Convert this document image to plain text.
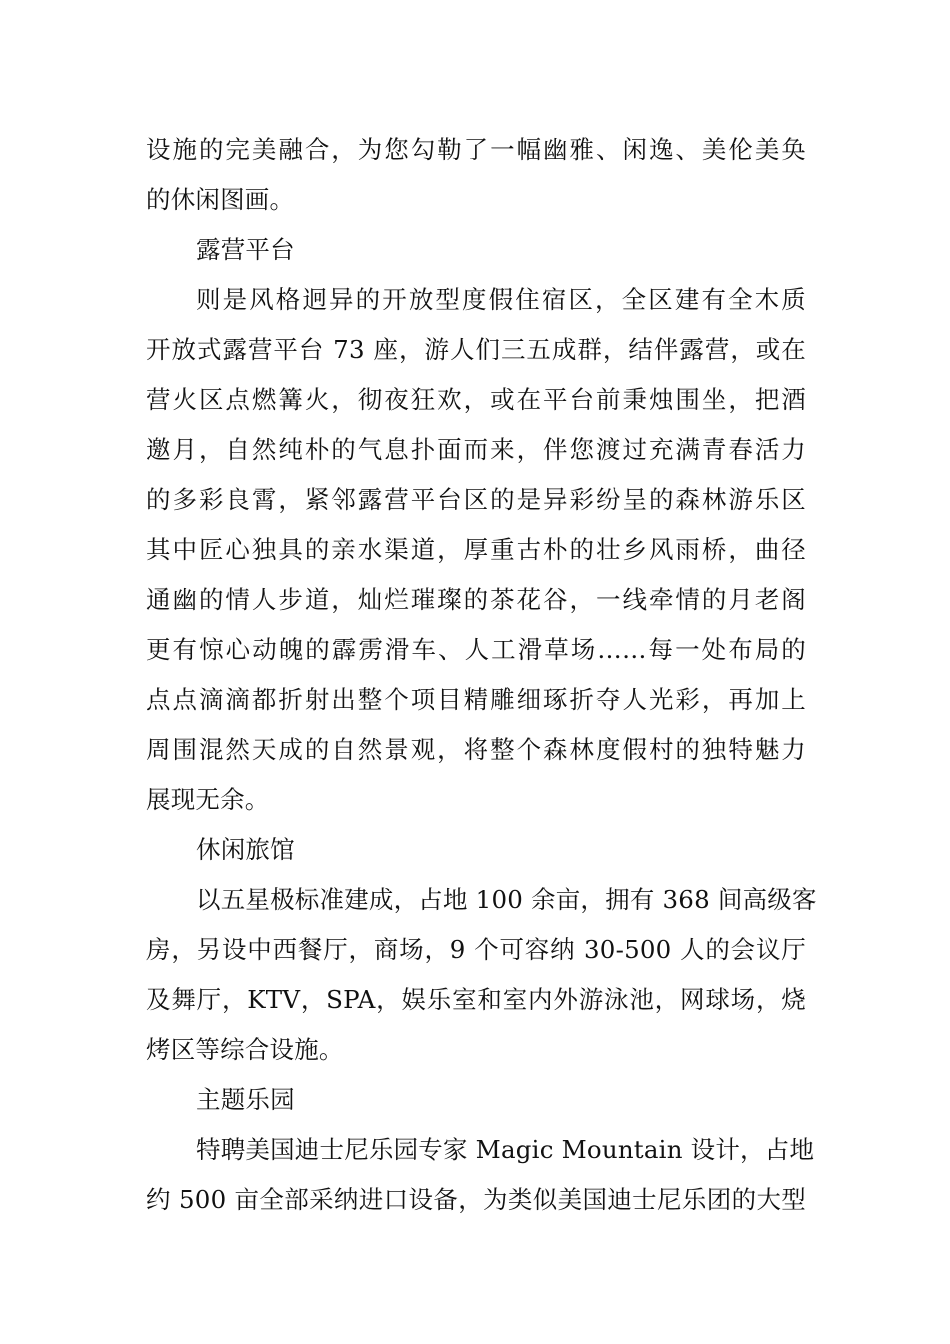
设施的完美融合，为您勾勒了一幅幽雅、闲逸、美伦美奂
的休闲图画。
露营平台
则是风格迥异的开放型度假住宿区，全区建有全木质
开放式露营平台 73 座，游人们三五成群，结伴露营，或在
营火区点燃篝火，彻夜狂欢，或在平台前秉烛围坐，把酒
邀月，自然纯朴的气息扑面而来，伴您渡过充满青春活力
的多彩良霄，紧邻露营平台区的是异彩纷呈的森林游乐区
其中匠心独具的亲水渠道，厚重古朴的壮乡风雨桥，曲径
通幽的情人步道，灿烂璀璨的茶花谷，一线牵情的月老阁
更有惊心动魄的霹雳滑车、人工滑草场……每一处布局的
点点滴滴都折射出整个项目精雕细琢折夺人光彩，再加上
周围混然天成的自然景观，将整个森林度假村的独特魅力
展现无余。
休闲旅馆
以五星极标准建成，占地 100 余亩，拥有 368 间高级客
房，另设中西餐厅，商场，9 个可容纳 30-500 人的会议厅
及舞厅，KTV，SPA，娱乐室和室内外游泳池，网球场，烧
烤区等综合设施。
主题乐园
特聘美国迪士尼乐园专家 Magic Mountain 设计，占地
约 500 亩全部采纳进口设备，为类似美国迪士尼乐团的大型
